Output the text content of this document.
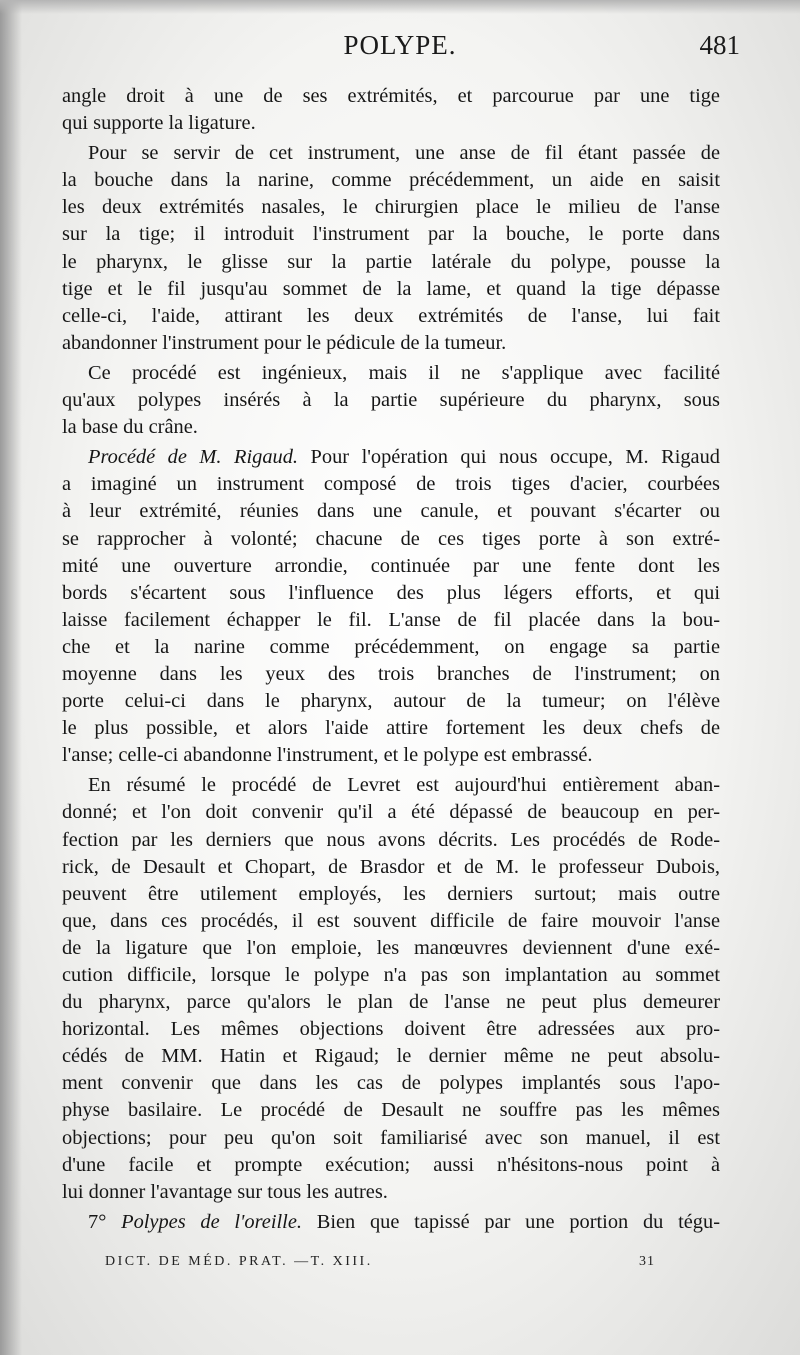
POLYPE.	481

angle droit à une de ses extrémités, et parcourue par une tige
qui supporte la ligature.

Pour se servir de cet instrument, une anse de fil étant passée de
la bouche dans la narine, comme précédemment, un aide en saisit
les deux extrémités nasales, le chirurgien place le milieu de l'anse
sur la tige; il introduit l'instrument par la bouche, le porte dans
le pharynx, le glisse sur la partie latérale du polype, pousse la
tige et le fil jusqu'au sommet de la lame, et quand la tige dépasse
celle-ci, l'aide, attirant les deux extrémités de l'anse, lui fait
abandonner l'instrument pour le pédicule de la tumeur.

Ce procédé est ingénieux, mais il ne s'applique avec facilité
qu'aux polypes insérés à la partie supérieure du pharynx, sous
la base du crâne.

Procédé de M. Rigaud. Pour l'opération qui nous occupe, M. Rigaud
a imaginé un instrument composé de trois tiges d'acier, courbées
à leur extrémité, réunies dans une canule, et pouvant s'écarter ou
se rapprocher à volonté; chacune de ces tiges porte à son extré-
mité une ouverture arrondie, continuée par une fente dont les
bords s'écartent sous l'influence des plus légers efforts, et qui
laisse facilement échapper le fil. L'anse de fil placée dans la bou-
che et la narine comme précédemment, on engage sa partie
moyenne dans les yeux des trois branches de l'instrument; on
porte celui-ci dans le pharynx, autour de la tumeur; on l'élève
le plus possible, et alors l'aide attire fortement les deux chefs de
l'anse; celle-ci abandonne l'instrument, et le polype est embrassé.

En résumé le procédé de Levret est aujourd'hui entièrement aban-
donné; et l'on doit convenir qu'il a été dépassé de beaucoup en per-
fection par les derniers que nous avons décrits. Les procédés de Rode-
rick, de Desault et Chopart, de Brasdor et de M. le professeur Dubois,
peuvent être utilement employés, les derniers surtout; mais outre
que, dans ces procédés, il est souvent difficile de faire mouvoir l'anse
de la ligature que l'on emploie, les manœuvres deviennent d'une exé-
cution difficile, lorsque le polype n'a pas son implantation au sommet
du pharynx, parce qu'alors le plan de l'anse ne peut plus demeurer
horizontal. Les mêmes objections doivent être adressées aux pro-
cédés de MM. Hatin et Rigaud; le dernier même ne peut absolu-
ment convenir que dans les cas de polypes implantés sous l'apo-
physe basilaire. Le procédé de Desault ne souffre pas les mêmes
objections; pour peu qu'on soit familiarisé avec son manuel, il est
d'une facile et prompte exécution; aussi n'hésitons-nous point à
lui donner l'avantage sur tous les autres.

7° Polypes de l'oreille. Bien que tapissé par une portion du tégu-

DICT. DE MÉD. PRAT. —T. XIII.	31
